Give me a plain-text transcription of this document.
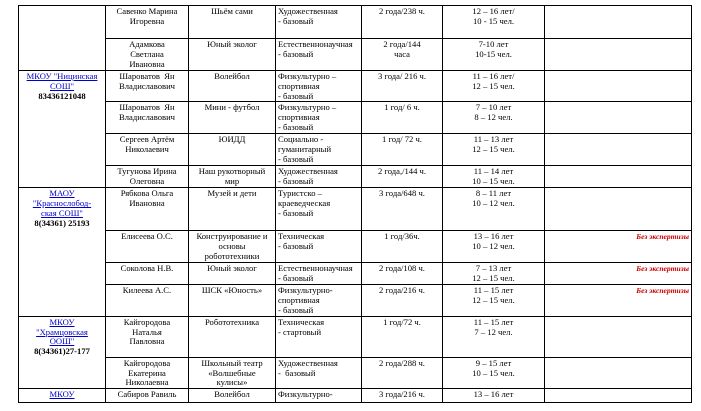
	Савенко Марина
Игоревна	Шьём сами	Художественная
- базовый	2 года/238 ч.	12 – 16 лет/
10 - 15 чел.	

	Адамкова
Светлана
Ивановна	Юный эколог	Естественнонаучная
- базовый	2 года/144
часа	7-10 лет
10-15 чел.	

МКОУ "Ницинская
СОШ"
83436121048	Шароватов  Ян
Владиславович	Волейбол	Физкультурно –
спортивная
- базовый	3 года/ 216 ч.	11 – 16 лет/
12 – 15 чел.	

	Шароватов  Ян
Владиславович	Мини - футбол	Физкультурно –
спортивная
- базовый	1 год/ 6 ч.	7 – 10 лет
8 – 12 чел.	

	Сергеев Артём
Николаевич	ЮИДД	Социально -
гуманитарный
- базовый	1 год/ 72 ч.	11 – 13 лет
12 – 15 чел.	

	Тугунова Ирина
Олеговна	Наш рукотворный
мир	Художественная
- базовый	2 года,/144 ч.	11 – 14 лет
10 – 15 чел.	

МАОУ
"Краснослобод-
ская СОШ"
8(34361) 25193	Рябкова Ольга
Ивановна	Музей и дети	Туристско –
краеведческая
- базовый	3 года/648 ч.	8 – 11 лет
10 – 12 чел.	

	Елисеева О.С.	Конструирование и
основы
робототехники	Техническая
- базовый	1 год/36ч.	13 – 16 лет
10 – 12 чел.	Без экспертизы

	Соколова Н.В.	Юный эколог	Естественнонаучная
- базовый	2 года/108 ч.	7 – 13 лет
12 – 15 чел.	Без экспертизы

	Килеева А.С.	ШСК «Юность»	Физкультурно-
спортивная
- базовый	2 года/216 ч.	11 – 15 лет
12 – 15 чел.	Без экспертизы

МКОУ
"Храмцовская
ООШ"
8(34361)27-177	Кайгородова
Наталья
Павловна	Робототехника	Техническая
- стартовый	1 год/72 ч.	11 – 15 лет
7 – 12 чел.	

	Кайгородова
Екатерина
Николаевна	Школьный театр
«Волшебные
кулисы»	Художественная
-  базовый	2 года/288 ч.	9 – 15 лет
10 – 15 чел.	

МКОУ	Сабиров Равиль	Волейбол	Физкультурно-	3 года/216 ч.	13 – 16 лет	
